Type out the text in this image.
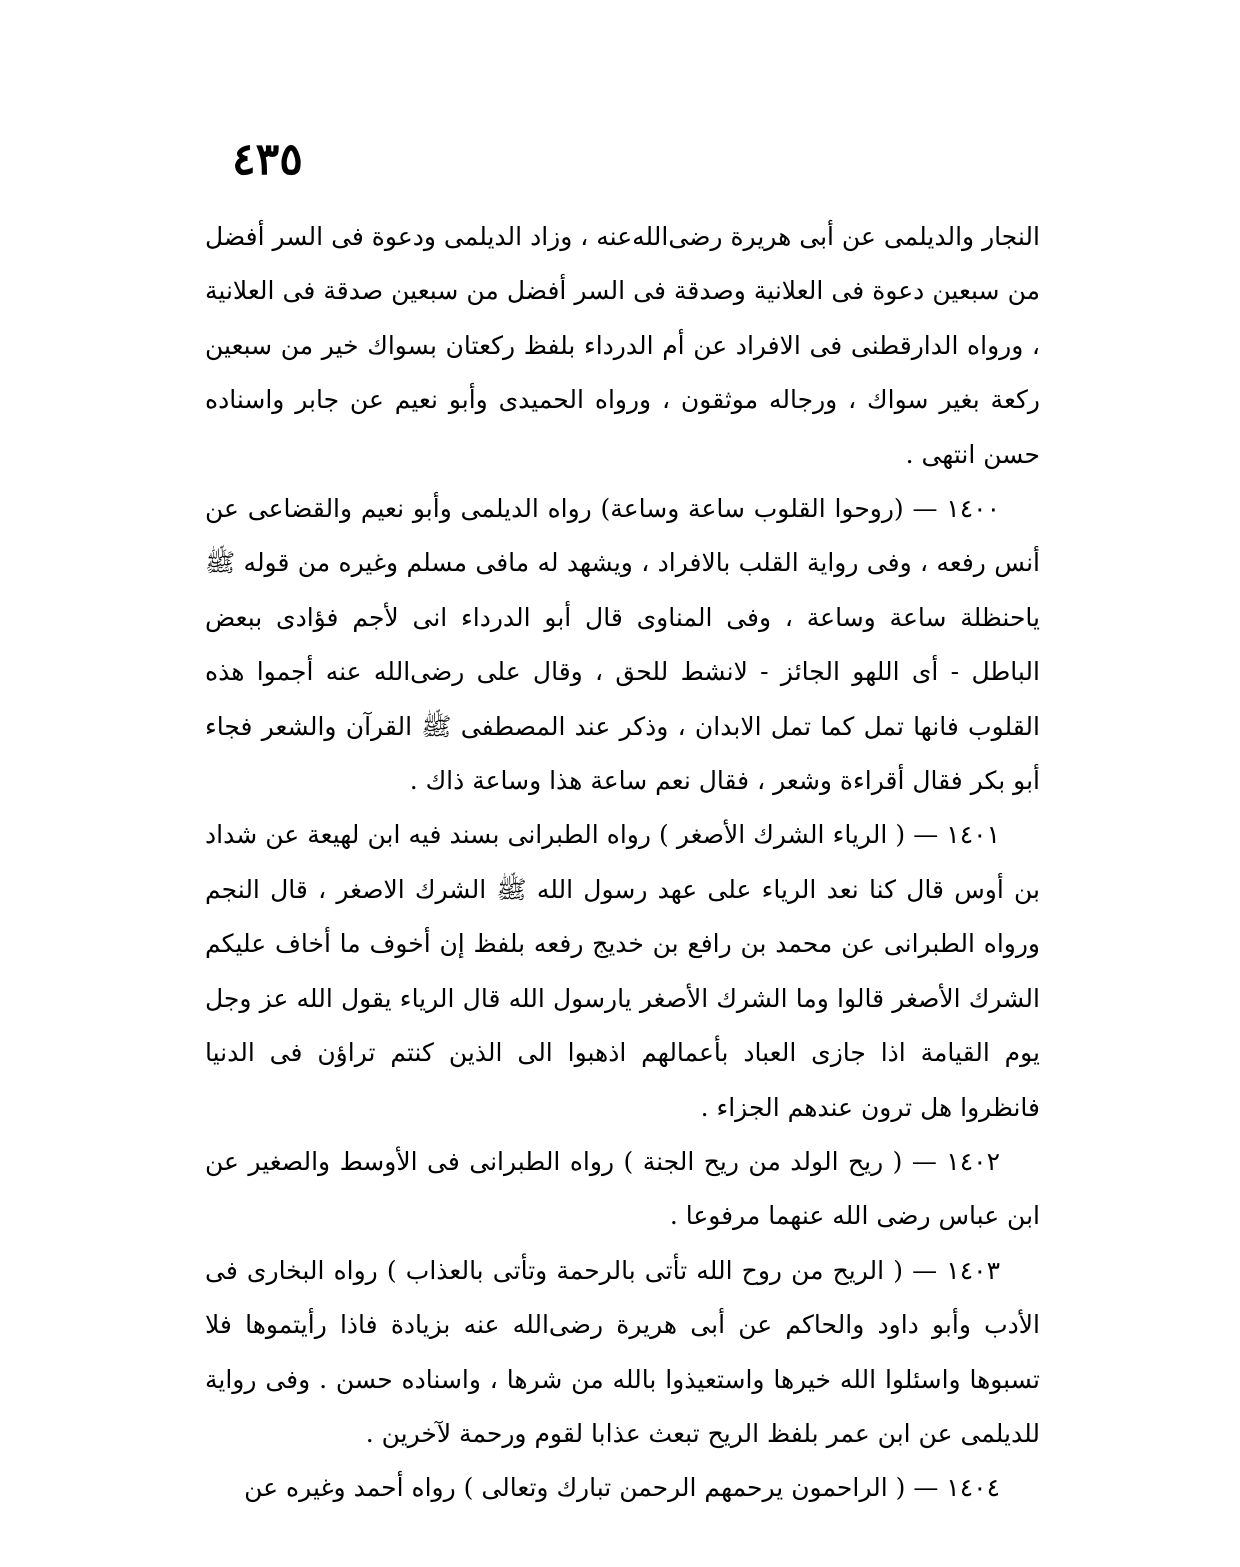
٤٣٥

النجار والديلمى عن أبى هريرة رضى‌الله‌عنه ، وزاد الديلمى ودعوة فى السر أفضل من سبعين دعوة فى العلانية وصدقة فى السر أفضل من سبعين صدقة فى العلانية ، ورواه الدارقطنى فى الافراد عن أم الدرداء بلفظ ركعتان بسواك خير من سبعين ركعة بغير سواك ، ورجاله موثقون ، ورواه الحميدى وأبو نعيم عن جابر واسناده حسن انتهى .

١٤٠٠ — (روحوا القلوب ساعة وساعة) رواه الديلمى وأبو نعيم والقضاعى عن أنس رفعه ، وفى رواية القلب بالافراد ، ويشهد له مافى مسلم وغيره من قوله ﷺ ياحنظلة ساعة وساعة ، وفى المناوى قال أبو الدرداء انى لأجم فؤادى ببعض الباطل - أى اللهو الجائز - لانشط للحق ، وقال على رضى‌الله عنه أجموا هذه القلوب فانها تمل كما تمل الابدان ، وذكر عند المصطفى ﷺ القرآن والشعر فجاء أبو بكر فقال أقراءة وشعر ، فقال نعم ساعة هذا وساعة ذاك .

١٤٠١ — ( الرياء الشرك الأصغر ) رواه الطبرانى بسند فيه ابن لهيعة عن شداد بن أوس قال كنا نعد الرياء على عهد رسول الله ﷺ الشرك الاصغر ، قال النجم ورواه الطبرانى عن محمد بن رافع بن خديج رفعه بلفظ إن أخوف ما أخاف عليكم الشرك الأصغر قالوا وما الشرك الأصغر يارسول الله قال الرياء يقول الله عز وجل يوم القيامة اذا جازى العباد بأعمالهم اذهبوا الى الذين كنتم تراؤن فى الدنيا فانظروا هل ترون عندهم الجزاء .

١٤٠٢ — ( ريح الولد من ريح الجنة ) رواه الطبرانى فى الأوسط والصغير عن ابن عباس رضى الله عنهما مرفوعا .

١٤٠٣ — ( الريح من روح الله تأتى بالرحمة وتأتى بالعذاب ) رواه البخارى فى الأدب وأبو داود والحاكم عن أبى هريرة رضى‌الله عنه بزيادة فاذا رأيتموها فلا تسبوها واسئلوا الله خيرها واستعيذوا بالله من شرها ، واسناده حسن . وفى رواية للديلمى عن ابن عمر بلفظ الريح تبعث عذابا لقوم ورحمة لآخرين .

١٤٠٤ — ( الراحمون يرحمهم الرحمن تبارك وتعالى ) رواه أحمد وغيره عن
